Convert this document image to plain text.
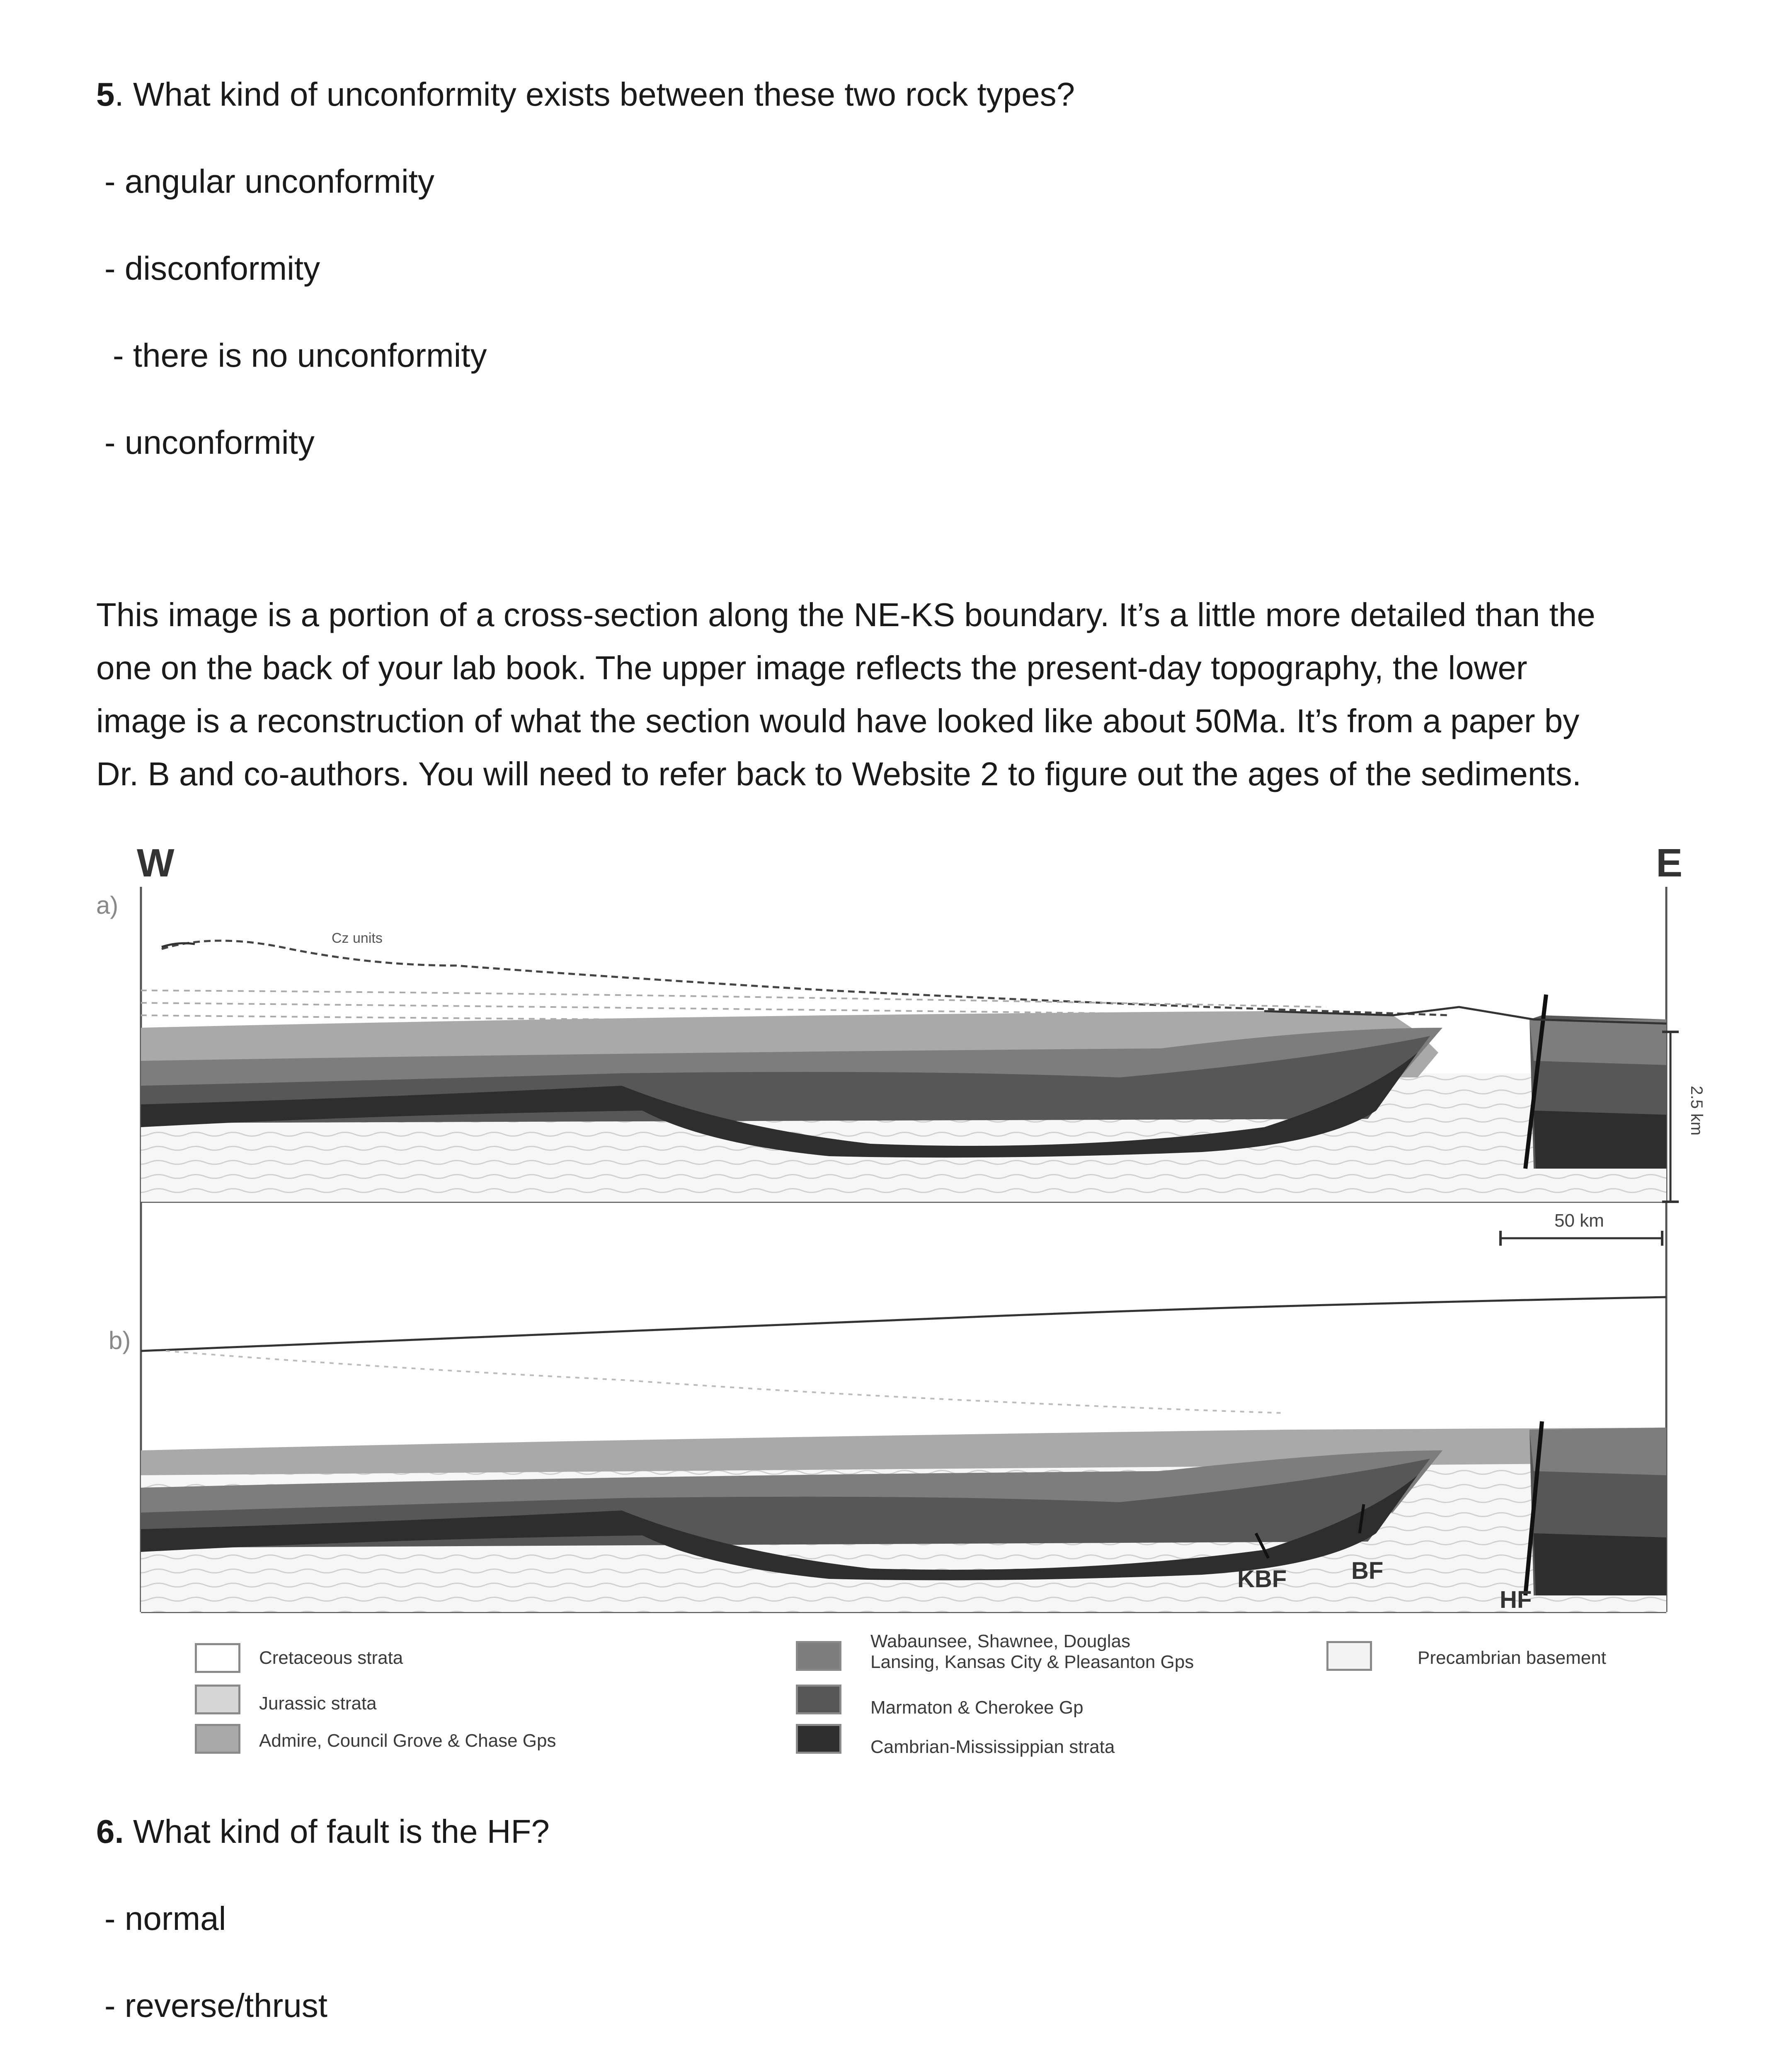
5. What kind of unconformity exists between these two rock types?
- angular unconformity
- disconformity
- there is no unconformity
- unconformity
This image is a portion of a cross-section along the NE-KS boundary. It’s a little more detailed than the
one on the back of your lab book. The upper image reflects the present-day topography, the lower
image is a reconstruction of what the section would have looked like about 50Ma. It’s from a paper by
Dr. B and co-authors. You will need to refer back to Website 2 to figure out the ages of the sediments.
W	E
a)
b)
Cz units
2.5 km
50 km
KBF	BF
HF
Cretaceous strata
Jurassic strata
Admire, Council Grove & Chase Gps
Wabaunsee, Shawnee, Douglas
Lansing, Kansas City & Pleasanton Gps
Marmaton & Cherokee Gp
Cambrian-Mississippian strata
Precambrian basement
6. What kind of fault is the HF?
- normal
- reverse/thrust
